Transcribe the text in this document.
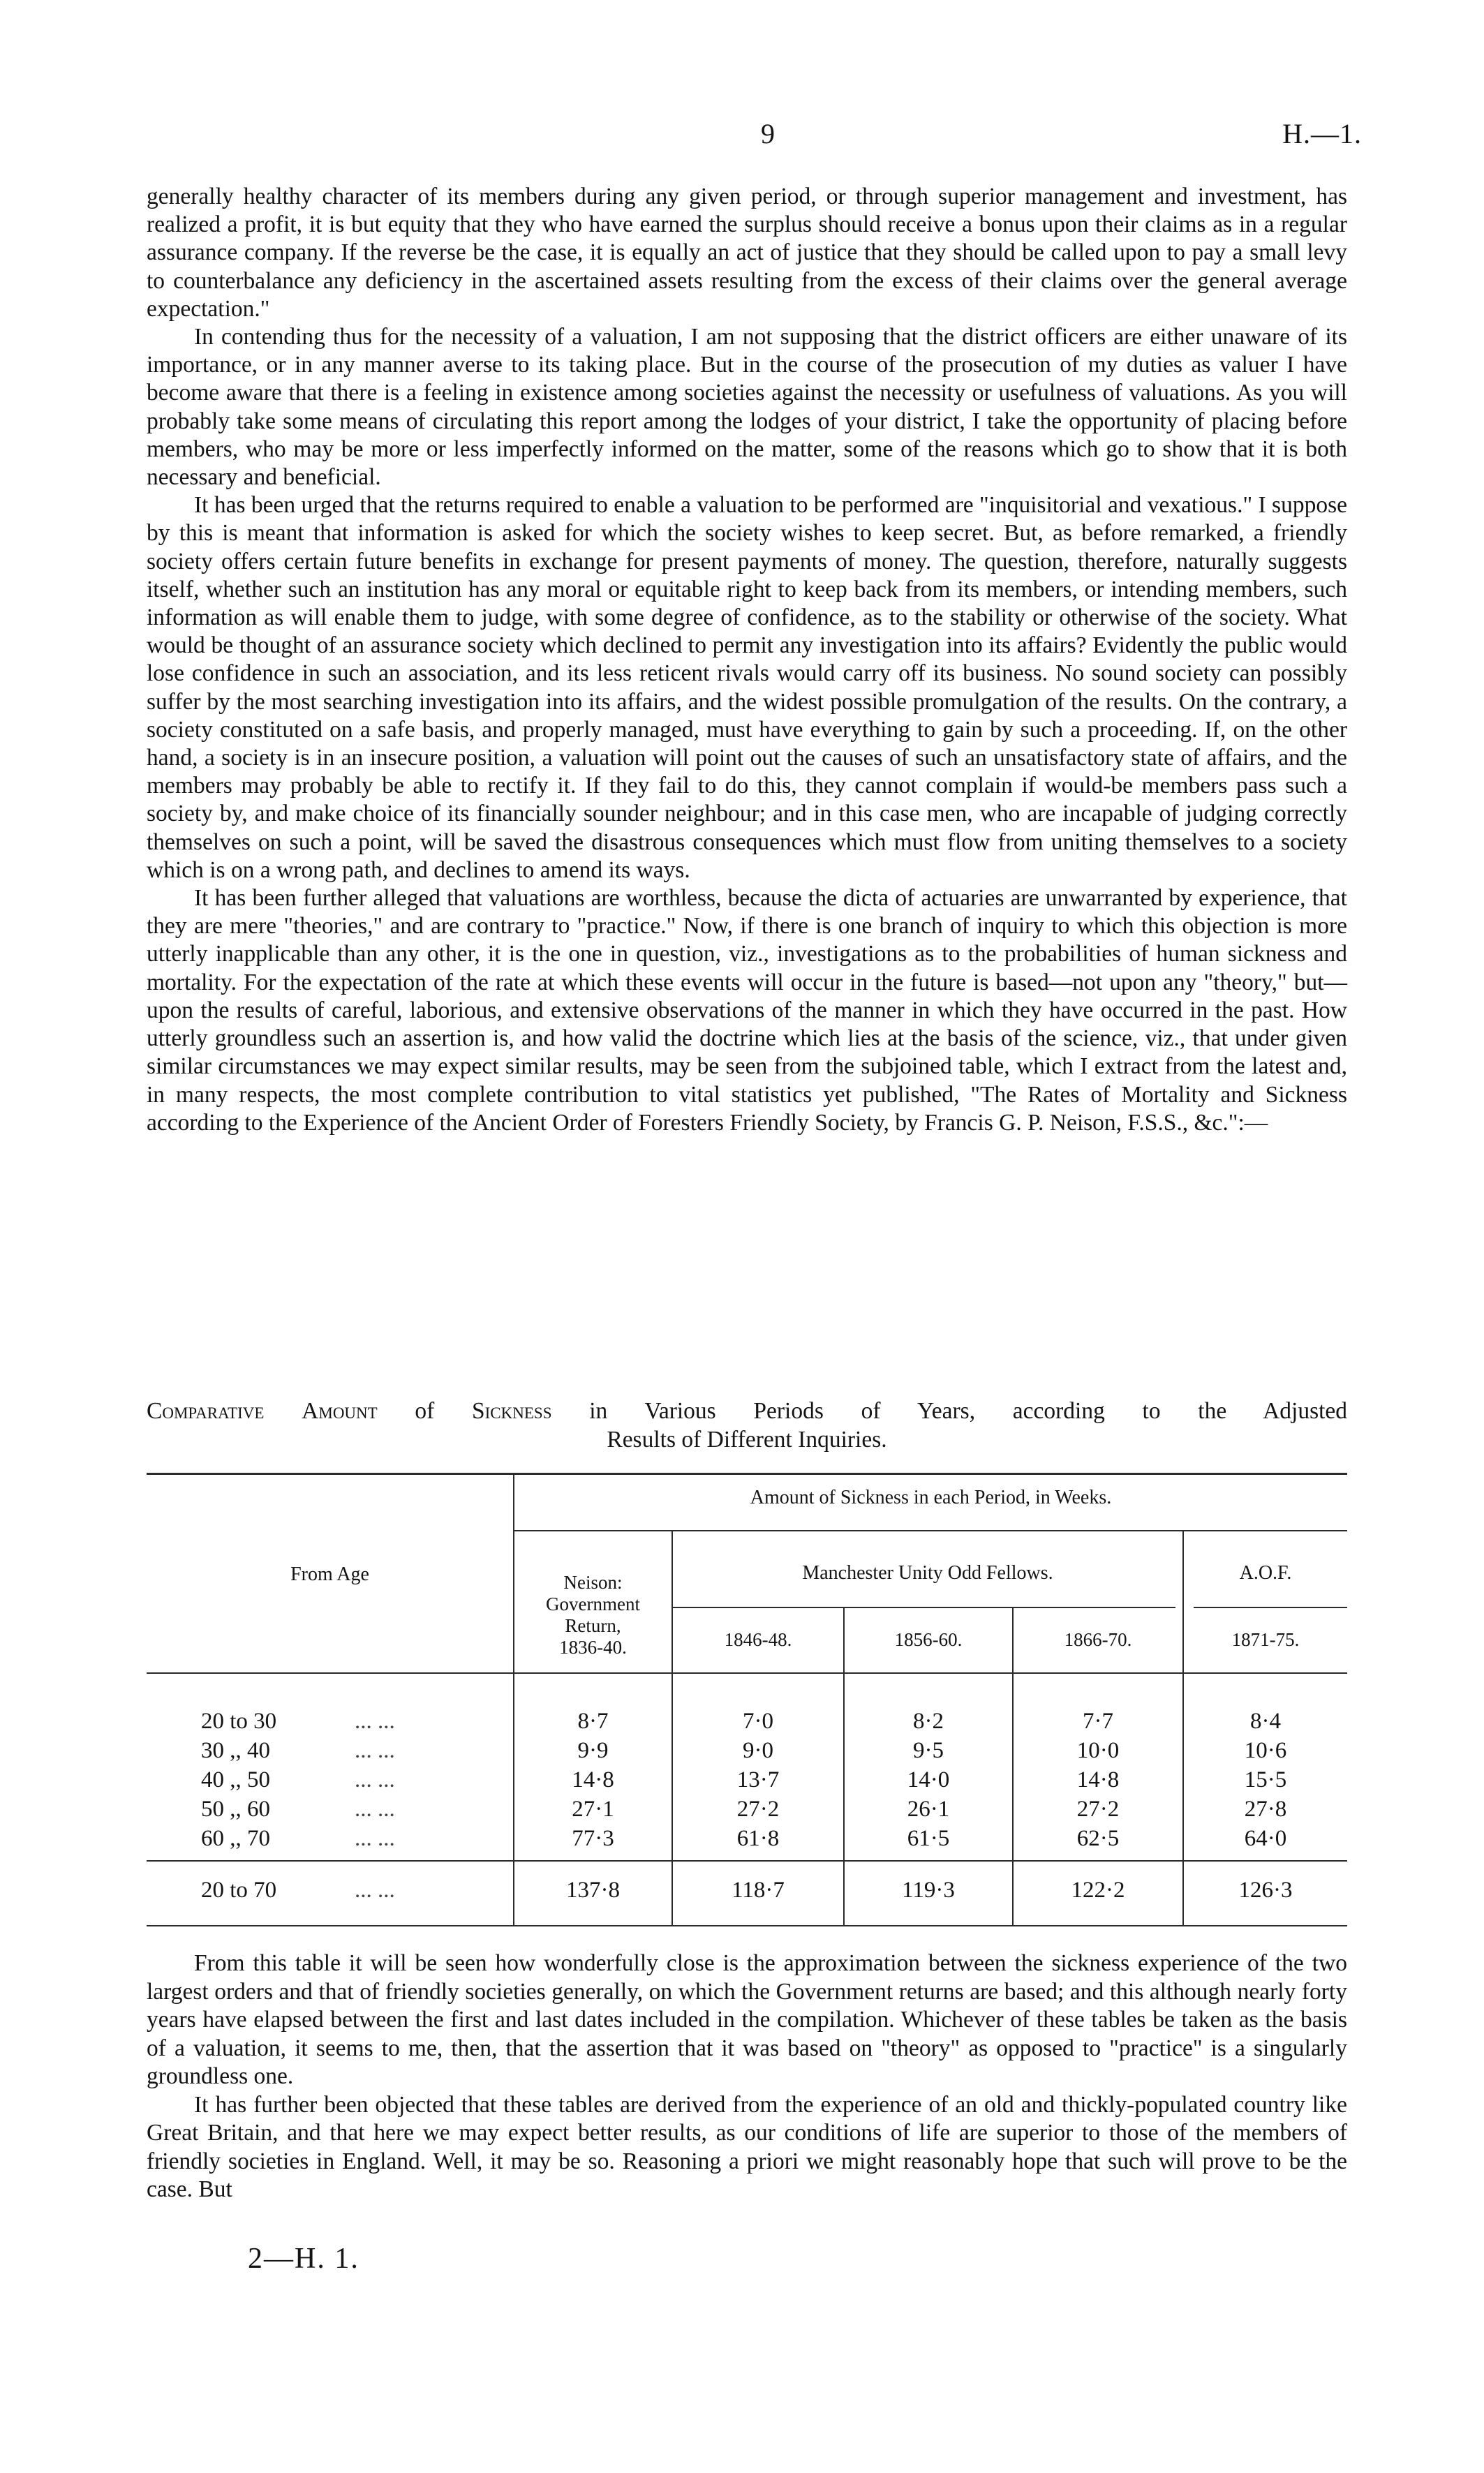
9	H.—1.

generally healthy character of its members during any given period, or through superior management and investment, has realized a profit, it is but equity that they who have earned the surplus should receive a bonus upon their claims as in a regular assurance company. If the reverse be the case, it is equally an act of justice that they should be called upon to pay a small levy to counterbalance any deficiency in the ascertained assets resulting from the excess of their claims over the general average expectation."

In contending thus for the necessity of a valuation, I am not supposing that the district officers are either unaware of its importance, or in any manner averse to its taking place. But in the course of the prosecution of my duties as valuer I have become aware that there is a feeling in existence among societies against the necessity or usefulness of valuations. As you will probably take some means of circulating this report among the lodges of your district, I take the opportunity of placing before members, who may be more or less imperfectly informed on the matter, some of the reasons which go to show that it is both necessary and beneficial.

It has been urged that the returns required to enable a valuation to be performed are "inquisitorial and vexatious." I suppose by this is meant that information is asked for which the society wishes to keep secret. But, as before remarked, a friendly society offers certain future benefits in exchange for present payments of money. The question, therefore, naturally suggests itself, whether such an institution has any moral or equitable right to keep back from its members, or intending members, such information as will enable them to judge, with some degree of confidence, as to the stability or otherwise of the society. What would be thought of an assurance society which declined to permit any investigation into its affairs? Evidently the public would lose confidence in such an association, and its less reticent rivals would carry off its business. No sound society can possibly suffer by the most searching investigation into its affairs, and the widest possible promulgation of the results. On the contrary, a society constituted on a safe basis, and properly managed, must have everything to gain by such a proceeding. If, on the other hand, a society is in an insecure position, a valuation will point out the causes of such an unsatisfactory state of affairs, and the members may probably be able to rectify it. If they fail to do this, they cannot complain if would-be members pass such a society by, and make choice of its financially sounder neighbour; and in this case men, who are incapable of judging correctly themselves on such a point, will be saved the disastrous consequences which must flow from uniting themselves to a society which is on a wrong path, and declines to amend its ways.

It has been further alleged that valuations are worthless, because the dicta of actuaries are unwarranted by experience, that they are mere "theories," and are contrary to "practice." Now, if there is one branch of inquiry to which this objection is more utterly inapplicable than any other, it is the one in question, viz., investigations as to the probabilities of human sickness and mortality. For the expectation of the rate at which these events will occur in the future is based—not upon any "theory," but—upon the results of careful, laborious, and extensive observations of the manner in which they have occurred in the past. How utterly groundless such an assertion is, and how valid the doctrine which lies at the basis of the science, viz., that under given similar circumstances we may expect similar results, may be seen from the subjoined table, which I extract from the latest and, in many respects, the most complete contribution to vital statistics yet published, "The Rates of Mortality and Sickness according to the Experience of the Ancient Order of Foresters Friendly Society, by Francis G. P. Neison, F.S.S., &c.":—

Comparative Amount of Sickness in Various Periods of Years, according to the Adjusted
Results of Different Inquiries.
Amount of Sickness in each Period, in Weeks.
From Age	Neison:
Government
Return,
1836-40.
Manchester Unity Odd Fellows.	A.O.F.
1846-48.	1856-60.	1866-70.	1871-75.
20 to 30	... ...	8·7	7·0	8·2	7·7	8·4
30 ,, 40	... ...	9·9	9·0	9·5	10·0	10·6
40 ,, 50	... ...	14·8	13·7	14·0	14·8	15·5
50 ,, 60	... ...	27·1	27·2	26·1	27·2	27·8
60 ,, 70	... ...	77·3	61·8	61·5	62·5	64·0
20 to 70	... ...	137·8	118·7	119·3	122·2	126·3

From this table it will be seen how wonderfully close is the approximation between the sickness experience of the two largest orders and that of friendly societies generally, on which the Government returns are based; and this although nearly forty years have elapsed between the first and last dates included in the compilation. Whichever of these tables be taken as the basis of a valuation, it seems to me, then, that the assertion that it was based on "theory" as opposed to "practice" is a singularly groundless one.

It has further been objected that these tables are derived from the experience of an old and thickly-populated country like Great Britain, and that here we may expect better results, as our conditions of life are superior to those of the members of friendly societies in England. Well, it may be so. Reasoning a priori we might reasonably hope that such will prove to be the case. But

2—H. 1.
